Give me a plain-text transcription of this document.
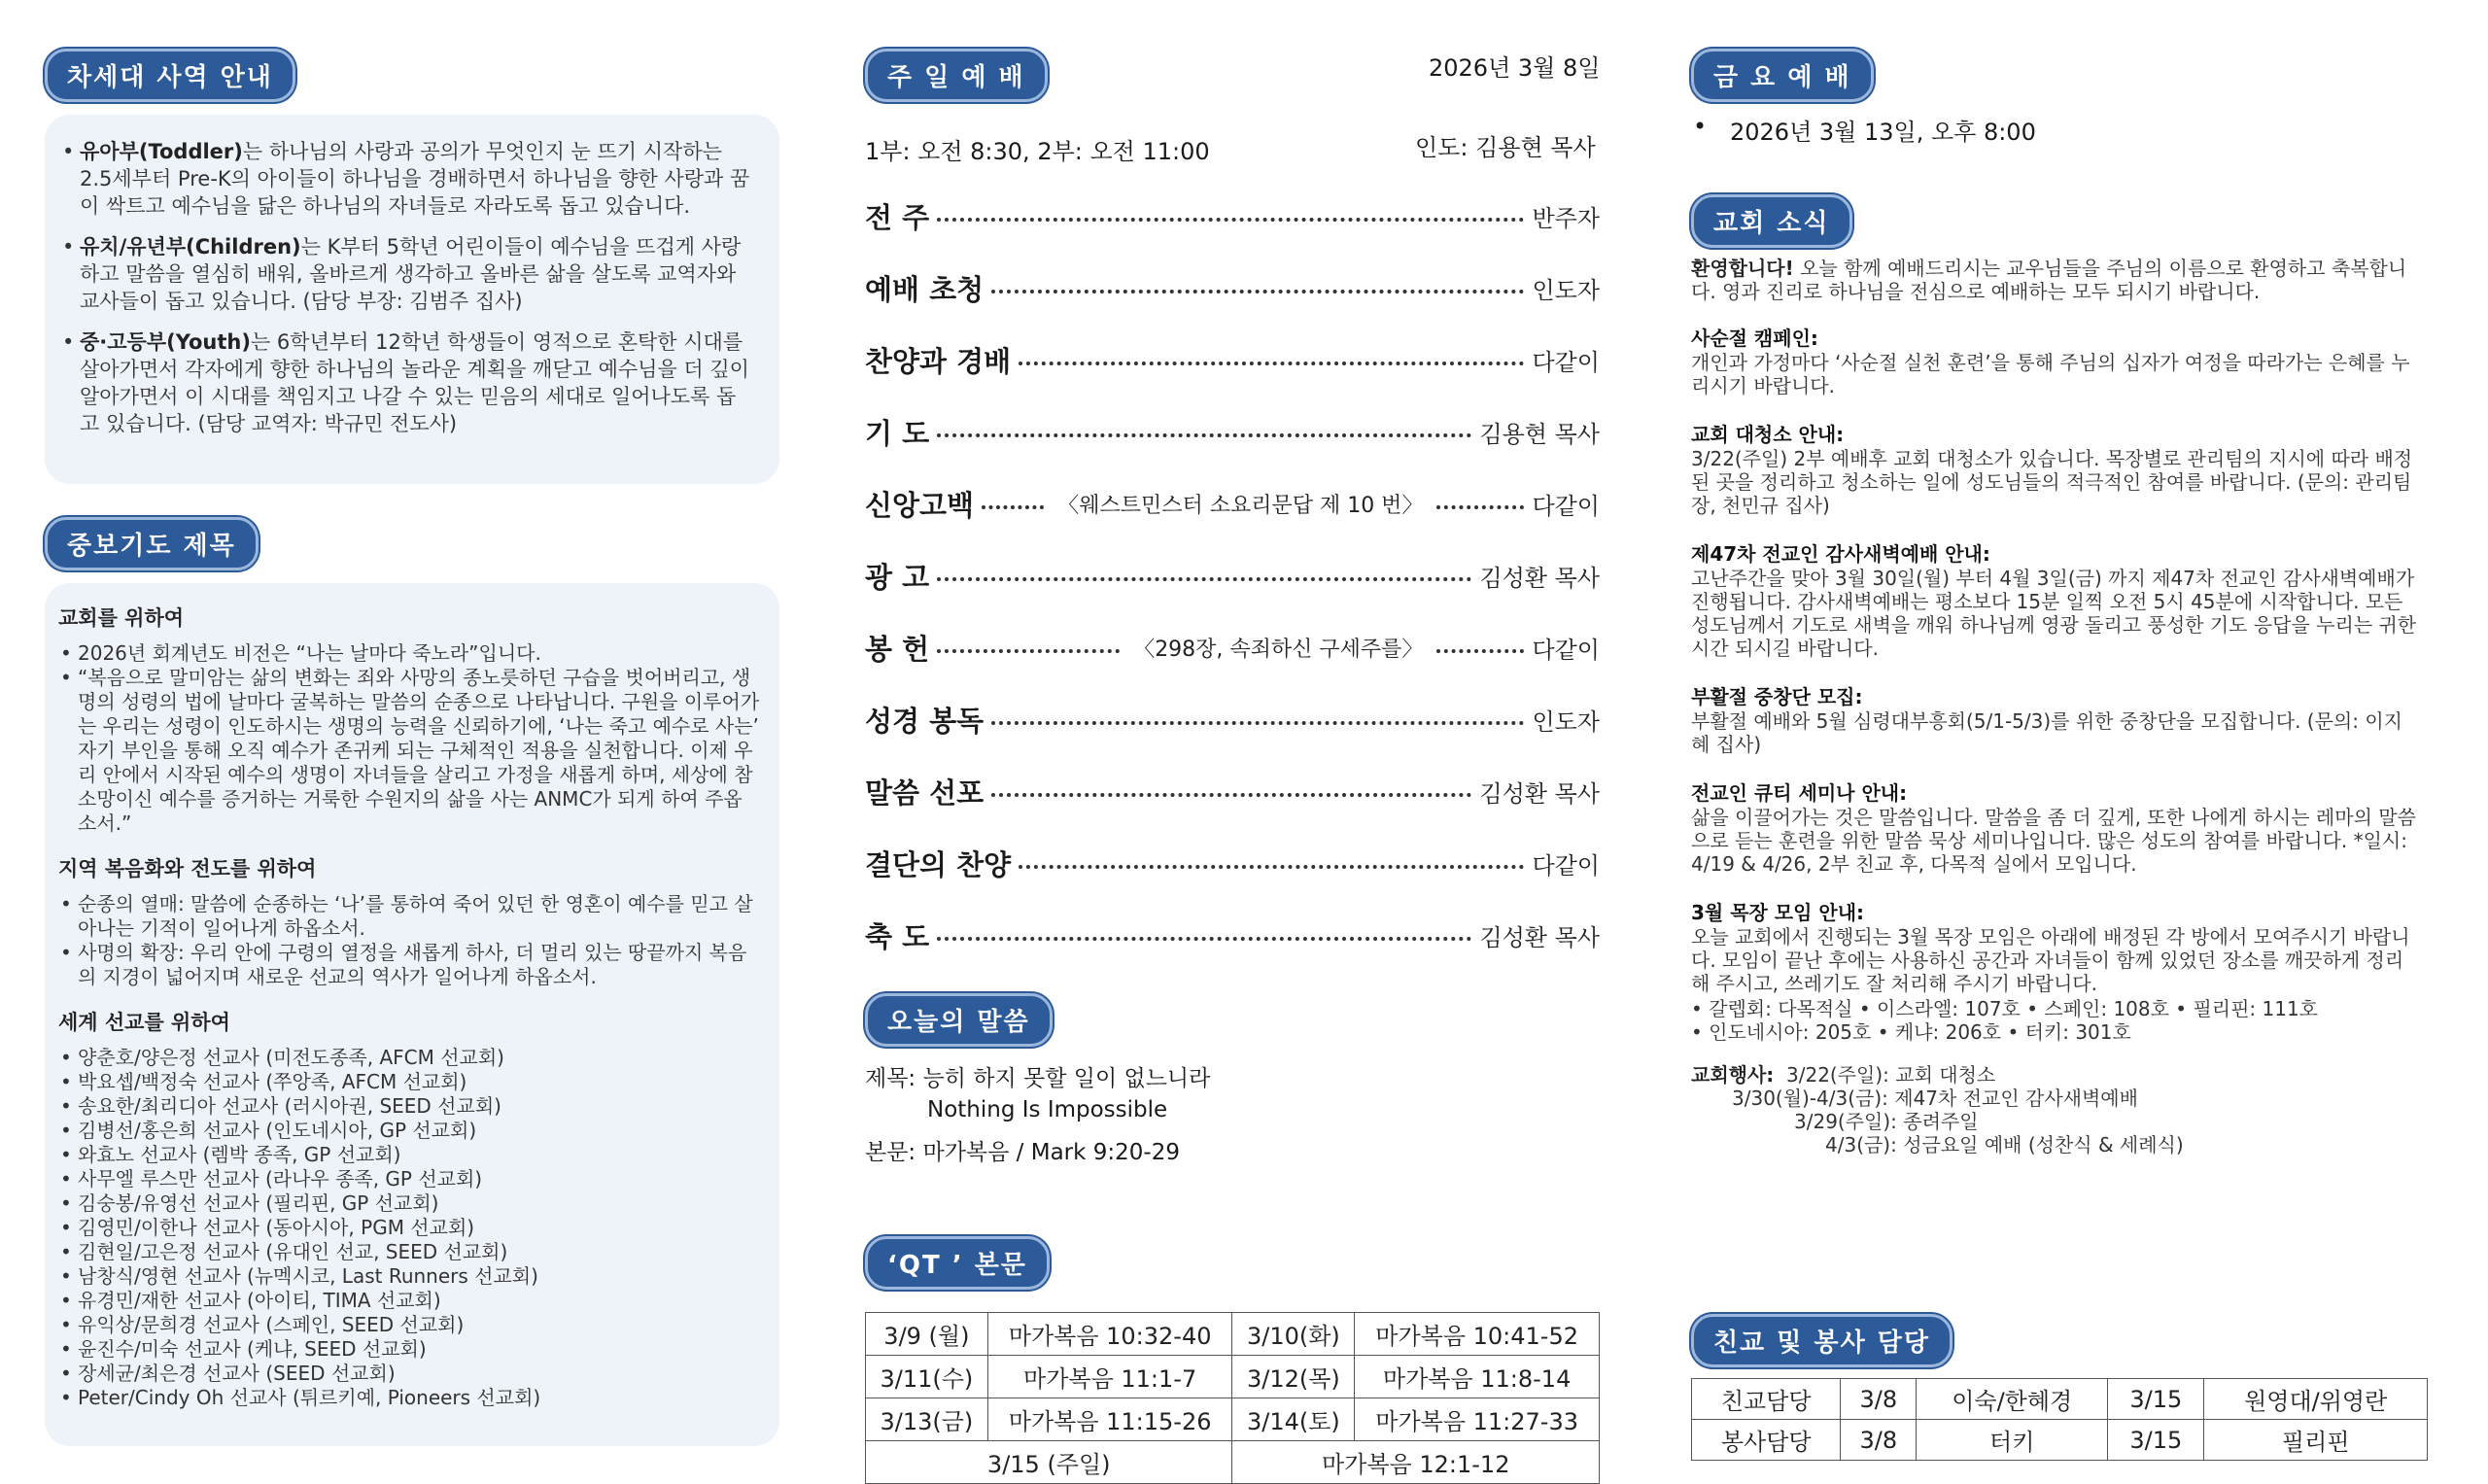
차세대 사역 안내
• 유아부(Toddler)는 하나님의 사랑과 공의가 무엇인지 눈 뜨기 시작하는 2.5세부터 Pre-K의 아이들이 하나님을 경배하면서 하나님을 향한 사랑과 꿈이 싹트고 예수님을 닮은 하나님의 자녀들로 자라도록 돕고 있습니다.
• 유치/유년부(Children)는 K부터 5학년 어린이들이 예수님을 뜨겁게 사랑하고 말씀을 열심히 배워, 올바르게 생각하고 올바른 삶을 살도록 교역자와 교사들이 돕고 있습니다. (담당 부장: 김범주 집사)
• 중·고등부(Youth)는 6학년부터 12학년 학생들이 영적으로 혼탁한 시대를 살아가면서 각자에게 향한 하나님의 놀라운 계획을 깨닫고 예수님을 더 깊이 알아가면서 이 시대를 책임지고 나갈 수 있는 믿음의 세대로 일어나도록 돕고 있습니다. (담당 교역자: 박규민 전도사)
중보기도 제목
교회를 위하여
• 2026년 회계년도 비전은 “나는 날마다 죽노라”입니다.
• “복음으로 말미암는 삶의 변화는 죄와 사망의 종노릇하던 구습을 벗어버리고, 생명의 성령의 법에 날마다 굴복하는 말씀의 순종으로 나타납니다. 구원을 이루어가는 우리는 성령이 인도하시는 생명의 능력을 신뢰하기에, ‘나는 죽고 예수로 사는’ 자기 부인을 통해 오직 예수가 존귀케 되는 구체적인 적용을 실천합니다. 이제 우리 안에서 시작된 예수의 생명이 자녀들을 살리고 가정을 새롭게 하며, 세상에 참 소망이신 예수를 증거하는 거룩한 수원지의 삶을 사는 ANMC가 되게 하여 주옵소서.”
지역 복음화와 전도를 위하여
• 순종의 열매: 말씀에 순종하는 ‘나’를 통하여 죽어 있던 한 영혼이 예수를 믿고 살아나는 기적이 일어나게 하옵소서.
• 사명의 확장: 우리 안에 구령의 열정을 새롭게 하사, 더 멀리 있는 땅끝까지 복음의 지경이 넓어지며 새로운 선교의 역사가 일어나게 하옵소서.
세계 선교를 위하여
• 양춘호/양은정 선교사 (미전도종족, AFCM 선교회)
• 박요셉/백정숙 선교사 (쭈앙족, AFCM 선교회)
• 송요한/최리디아 선교사 (러시아권, SEED 선교회)
• 김병선/홍은희 선교사 (인도네시아, GP 선교회)
• 와효노 선교사 (렘박 종족, GP 선교회)
• 사무엘 루스만 선교사 (라나우 종족, GP 선교회)
• 김숭봉/유영선 선교사 (필리핀, GP 선교회)
• 김영민/이한나 선교사 (동아시아, PGM 선교회)
• 김현일/고은정 선교사 (유대인 선교, SEED 선교회)
• 남창식/영현 선교사 (뉴멕시코, Last Runners 선교회)
• 유경민/재한 선교사 (아이티, TIMA 선교회)
• 유익상/문희경 선교사 (스페인, SEED 선교회)
• 윤진수/미숙 선교사 (케냐, SEED 선교회)
• 장세균/최은경 선교사 (SEED 선교회)
• Peter/Cindy Oh 선교사 (튀르키예, Pioneers 선교회)
주 일 예 배	2026년 3월 8일
1부: 오전 8:30, 2부: 오전 11:00	인도: 김용현 목사
전 주	반주자
예배 초청	인도자
찬양과 경배	다같이
기 도	김용현 목사
신앙고백	〈웨스트민스터 소요리문답 제 10 번〉	다같이
광 고	김성환 목사
봉 헌	〈298장, 속죄하신 구세주를〉	다같이
성경 봉독	인도자
말씀 선포	김성환 목사
결단의 찬양	다같이
축 도	김성환 목사
오늘의 말씀
제목: 능히 하지 못할 일이 없느니라
Nothing Is Impossible
본문: 마가복음 / Mark 9:20-29
‘QT ’ 본문
3/9 (월)	마가복음 10:32-40	3/10(화)	마가복음 10:41-52
3/11(수)	마가복음 11:1-7	3/12(목)	마가복음 11:8-14
3/13(금)	마가복음 11:15-26	3/14(토)	마가복음 11:27-33
3/15 (주일)		마가복음 12:1-12	
금 요 예 배
• 2026년 3월 13일, 오후 8:00
교회 소식
환영합니다! 오늘 함께 예배드리시는 교우님들을 주님의 이름으로 환영하고 축복합니다. 영과 진리로 하나님을 전심으로 예배하는 모두 되시기 바랍니다.
사순절 캠페인:
개인과 가정마다 ‘사순절 실천 훈련’을 통해 주님의 십자가 여정을 따라가는 은혜를 누리시기 바랍니다.
교회 대청소 안내:
3/22(주일) 2부 예배후 교회 대청소가 있습니다. 목장별로 관리팀의 지시에 따라 배정된 곳을 정리하고 청소하는 일에 성도님들의 적극적인 참여를 바랍니다. (문의: 관리팀장, 천민규 집사)
제47차 전교인 감사새벽예배 안내:
고난주간을 맞아 3월 30일(월) 부터 4월 3일(금) 까지 제47차 전교인 감사새벽예배가 진행됩니다. 감사새벽예배는 평소보다 15분 일찍 오전 5시 45분에 시작합니다. 모든 성도님께서 기도로 새벽을 깨워 하나님께 영광 돌리고 풍성한 기도 응답을 누리는 귀한 시간 되시길 바랍니다.
부활절 중창단 모집:
부활절 예배와 5월 심령대부흥회(5/1-5/3)를 위한 중창단을 모집합니다. (문의: 이지혜 집사)
전교인 큐티 세미나 안내:
삶을 이끌어가는 것은 말씀입니다. 말씀을 좀 더 깊게, 또한 나에게 하시는 레마의 말씀으로 듣는 훈련을 위한 말씀 묵상 세미나입니다. 많은 성도의 참여를 바랍니다. *일시: 4/19 & 4/26, 2부 친교 후, 다목적 실에서 모입니다.
3월 목장 모임 안내:
오늘 교회에서 진행되는 3월 목장 모임은 아래에 배정된 각 방에서 모여주시기 바랍니다. 모임이 끝난 후에는 사용하신 공간과 자녀들이 함께 있었던 장소를 깨끗하게 정리해 주시고, 쓰레기도 잘 처리해 주시기 바랍니다.
• 갈렙회: 다목적실 • 이스라엘: 107호 • 스페인: 108호 • 필리핀: 111호
• 인도네시아: 205호 • 케냐: 206호 • 터키: 301호
교회행사: 3/22(주일): 교회 대청소
3/30(월)-4/3(금): 제47차 전교인 감사새벽예배
3/29(주일): 종려주일
4/3(금): 성금요일 예배 (성찬식 & 세례식)
친교 및 봉사 담당
친교담당	3/8	이숙/한혜경	3/15	원영대/위영란
봉사담당	3/8	터키	3/15	필리핀
